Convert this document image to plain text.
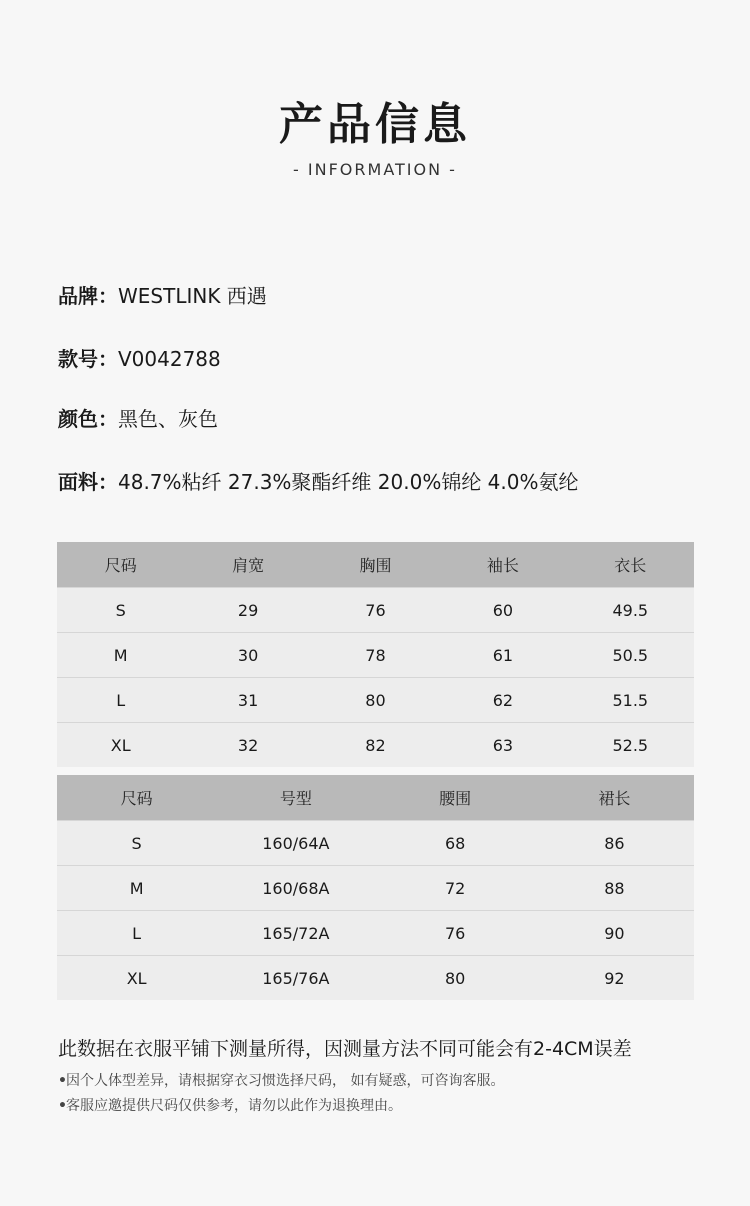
产品信息
- INFORMATION -
品牌：WESTLINK 西遇
款号：V0042788
颜色：黑色、灰色
面料：48.7%粘纤 27.3%聚酯纤维 20.0%锦纶 4.0%氨纶
尺码	肩宽	胸围	袖长	衣长
S	29	76	60	49.5
M	30	78	61	50.5
L	31	80	62	51.5
XL	32	82	63	52.5
尺码	号型	腰围	裙长
S	160/64A	68	86
M	160/68A	72	88
L	165/72A	76	90
XL	165/76A	80	92
此数据在衣服平铺下测量所得，因测量方法不同可能会有2-4CM误差
•因个人体型差异，请根据穿衣习惯选择尺码， 如有疑惑，可咨询客服。
•客服应邀提供尺码仅供参考，请勿以此作为退换理由。
